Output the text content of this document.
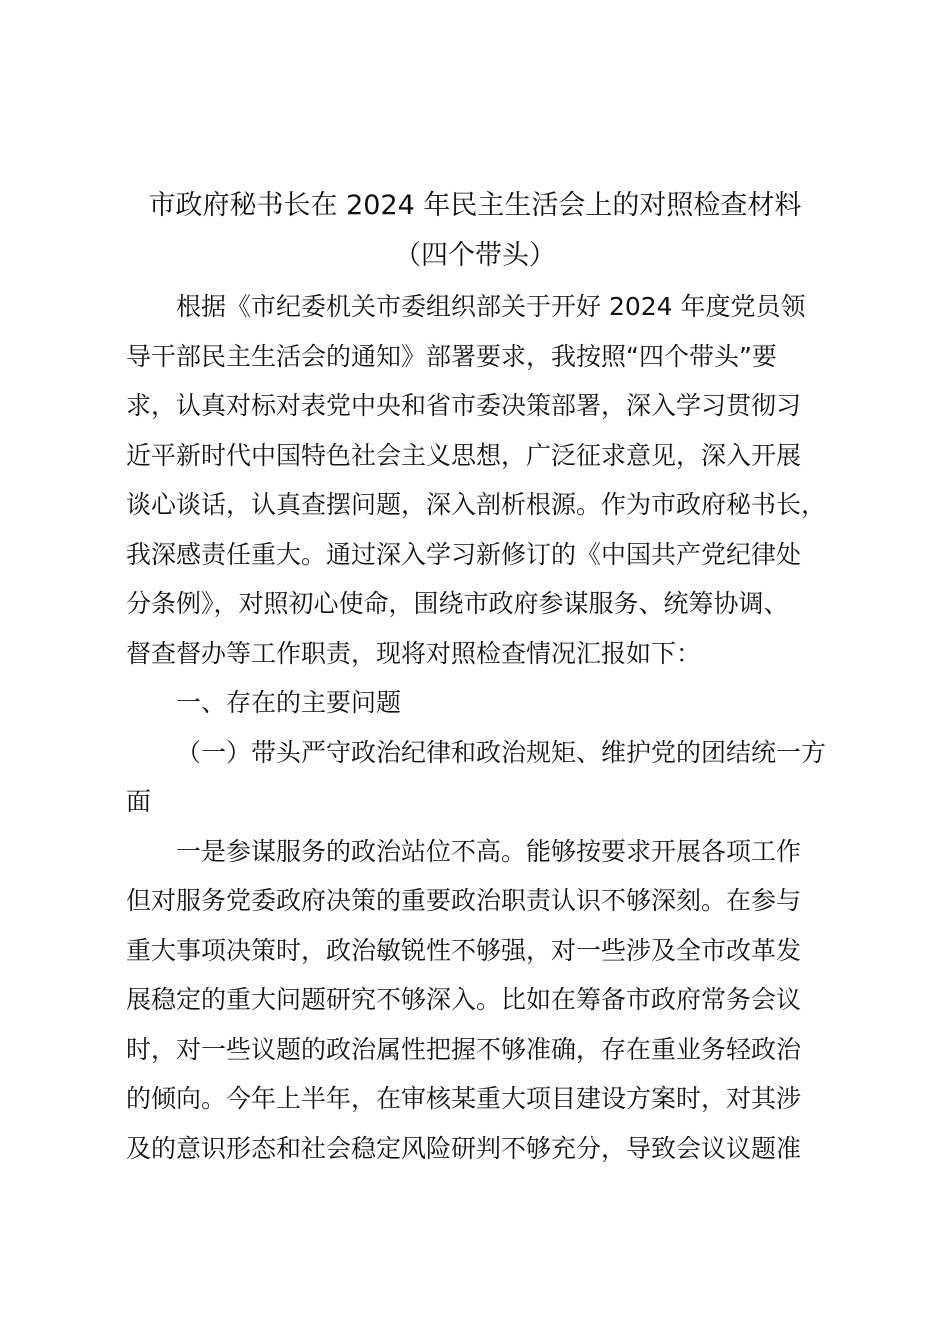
市政府秘书长在 2024 年民主生活会上的对照检查材料
（四个带头）
根据《市纪委机关市委组织部关于开好 2024 年度党员领
导干部民主生活会的通知》部署要求，我按照“四个带头”要
求，认真对标对表党中央和省市委决策部署，深入学习贯彻习
近平新时代中国特色社会主义思想，广泛征求意见，深入开展
谈心谈话，认真查摆问题，深入剖析根源。作为市政府秘书长，
我深感责任重大。通过深入学习新修订的《中国共产党纪律处
分条例》，对照初心使命，围绕市政府参谋服务、统筹协调、
督查督办等工作职责，现将对照检查情况汇报如下：
一、存在的主要问题
（一）带头严守政治纪律和政治规矩、维护党的团结统一方
面
一是参谋服务的政治站位不高。能够按要求开展各项工作
但对服务党委政府决策的重要政治职责认识不够深刻。在参与
重大事项决策时，政治敏锐性不够强，对一些涉及全市改革发
展稳定的重大问题研究不够深入。比如在筹备市政府常务会议
时，对一些议题的政治属性把握不够准确，存在重业务轻政治
的倾向。今年上半年，在审核某重大项目建设方案时，对其涉
及的意识形态和社会稳定风险研判不够充分，导致会议议题准
